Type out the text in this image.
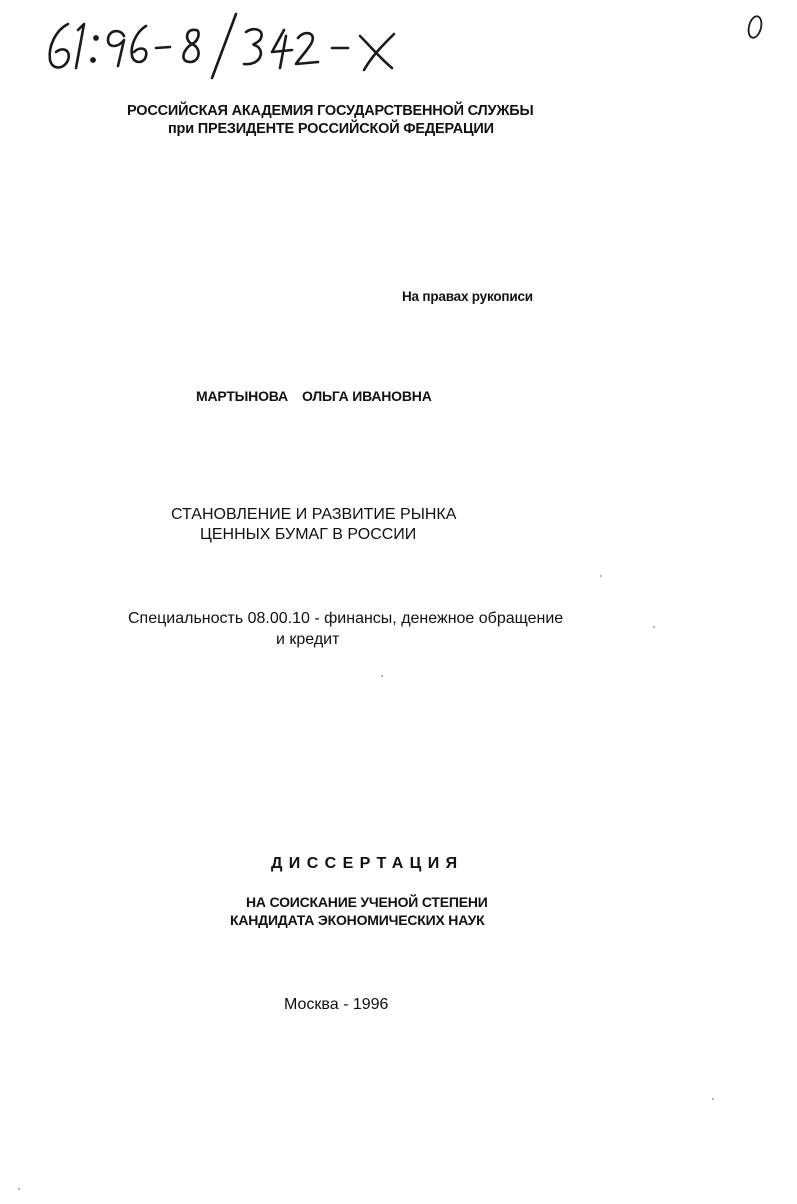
РОССИЙСКАЯ АКАДЕМИЯ ГОСУДАРСТВЕННОЙ СЛУЖБЫ
при ПРЕЗИДЕНТЕ РОССИЙСКОЙ ФЕДЕРАЦИИ
На правах рукописи
МАРТЫНОВА ОЛЬГА ИВАНОВНА
СТАНОВЛЕНИЕ И РАЗВИТИЕ РЫНКА
ЦЕННЫХ БУМАГ В РОССИИ
Специальность 08.00.10 - финансы, денежное обращение
и кредит
ДИССЕРТАЦИЯ
НА СОИСКАНИЕ УЧЕНОЙ СТЕПЕНИ
КАНДИДАТА ЭКОНОМИЧЕСКИХ НАУК
Москва - 1996
